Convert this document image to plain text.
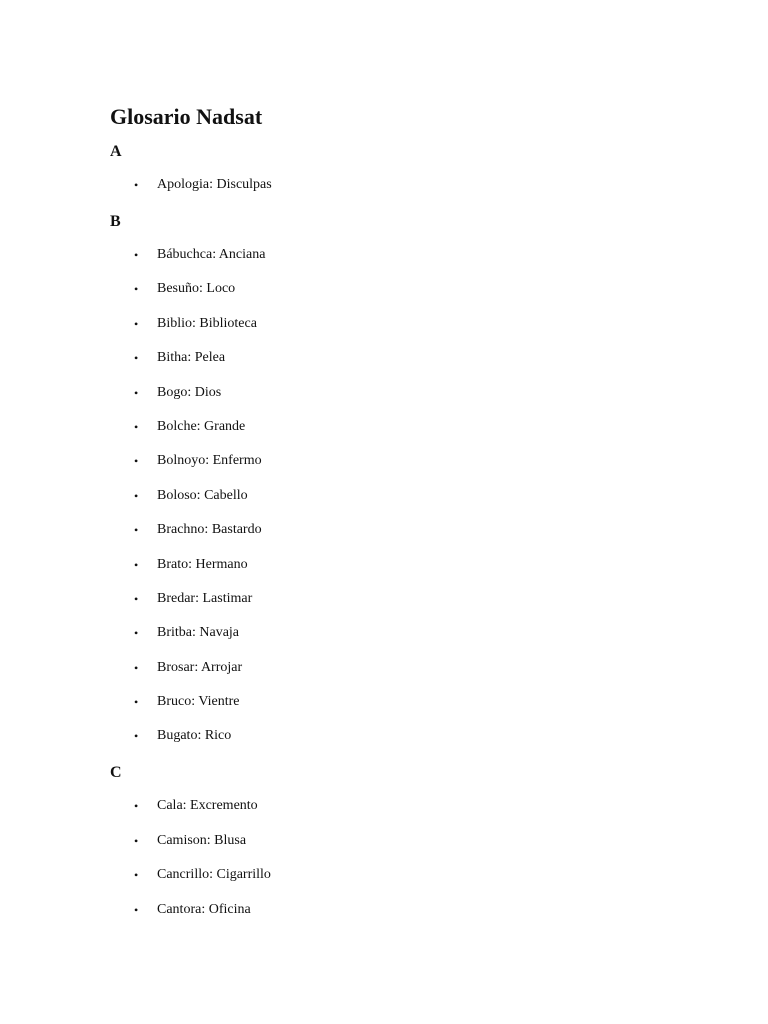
Glosario Nadsat
A
• Apologia: Disculpas
B
• Bábuchca: Anciana
• Besuño: Loco
• Biblio: Biblioteca
• Bitha: Pelea
• Bogo: Dios
• Bolche: Grande
• Bolnoyo: Enfermo
• Boloso: Cabello
• Brachno: Bastardo
• Brato: Hermano
• Bredar: Lastimar
• Britba: Navaja
• Brosar: Arrojar
• Bruco: Vientre
• Bugato: Rico
C
• Cala: Excremento
• Camison: Blusa
• Cancrillo: Cigarrillo
• Cantora: Oficina
